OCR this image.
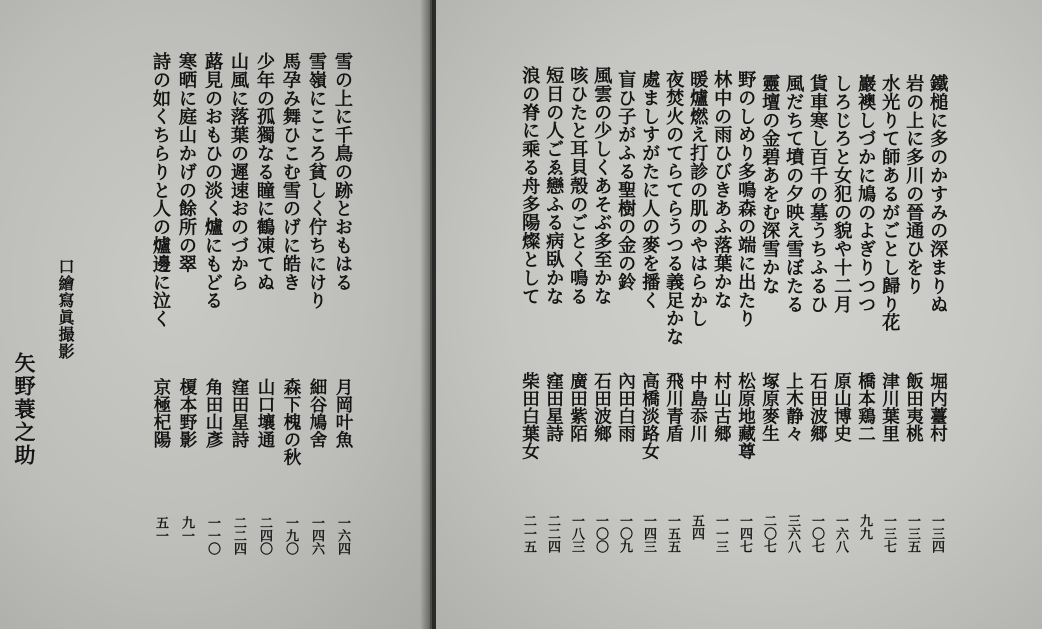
雪の上に千鳥の跡とおもはる
雪嶺にこころ貧しく佇ちにけり
馬孕み舞ひこむ雪のげに皓き
少年の孤獨なる瞳に鶴凍てぬ
山風に落葉の遲速おのづから
蕗見のおもひの淡く爐にもどる
寒晒に庭山かげの餘所の翠
詩の如くちらりと人の爐邊に泣く
月岡叶魚
細谷鳩舍
森下槐の秋
山口壤通
窪田星詩
角田山彥
榎本野影
京極杞陽
一六四
一四六
一九〇
二四〇
二二四
一一〇
九一
五一
口繪寫眞撮影
矢野蓑之助
鐵槌に多のかすみの深まりぬ
岩の上に多川の晉通ひをり
水光りて師あるがごとし歸り花
巖襖しづかに鳩のよぎりつつ
しろじろと女犯の貌や十二月
貨車寒し百千の墓うちふるひ
風だちて墳の夕映え雪ぼたる
靈壇の金碧あをむ深雪かな
野のしめり多鳴森の端に出たり
林中の雨ひびきあふ落葉かな
暖爐燃え打診の肌のやはらかし
夜焚火のてらてらうつる義足かな
處ましすがたに人の麥を播く
盲ひ子がふる聖樹の金の鈴
風雲の少しくあそぶ多至かな
咳ひたと耳貝殼のごとく鳴る
短日の人ごゑ戀ふる病臥かな
浪の脊に乘る舟多陽燦として
堀内薹村
飯田夷桃
津川葉里
橋本鶏二
原山博史
石田波郷
上木静々
塚原麥生
松原地藏尊
村山古郷
中島忝川
飛川青盾
高橋淡路女
內田白雨
石田波鄉
廣田紫陌
窪田星詩
柴田白葉女
一三四
一三五
一三七
九九
一六八
一〇七
三六八
二〇七
一四七
一一三
五四
一五五
一四三
一〇九
一〇〇
一八三
二二四
二一五
